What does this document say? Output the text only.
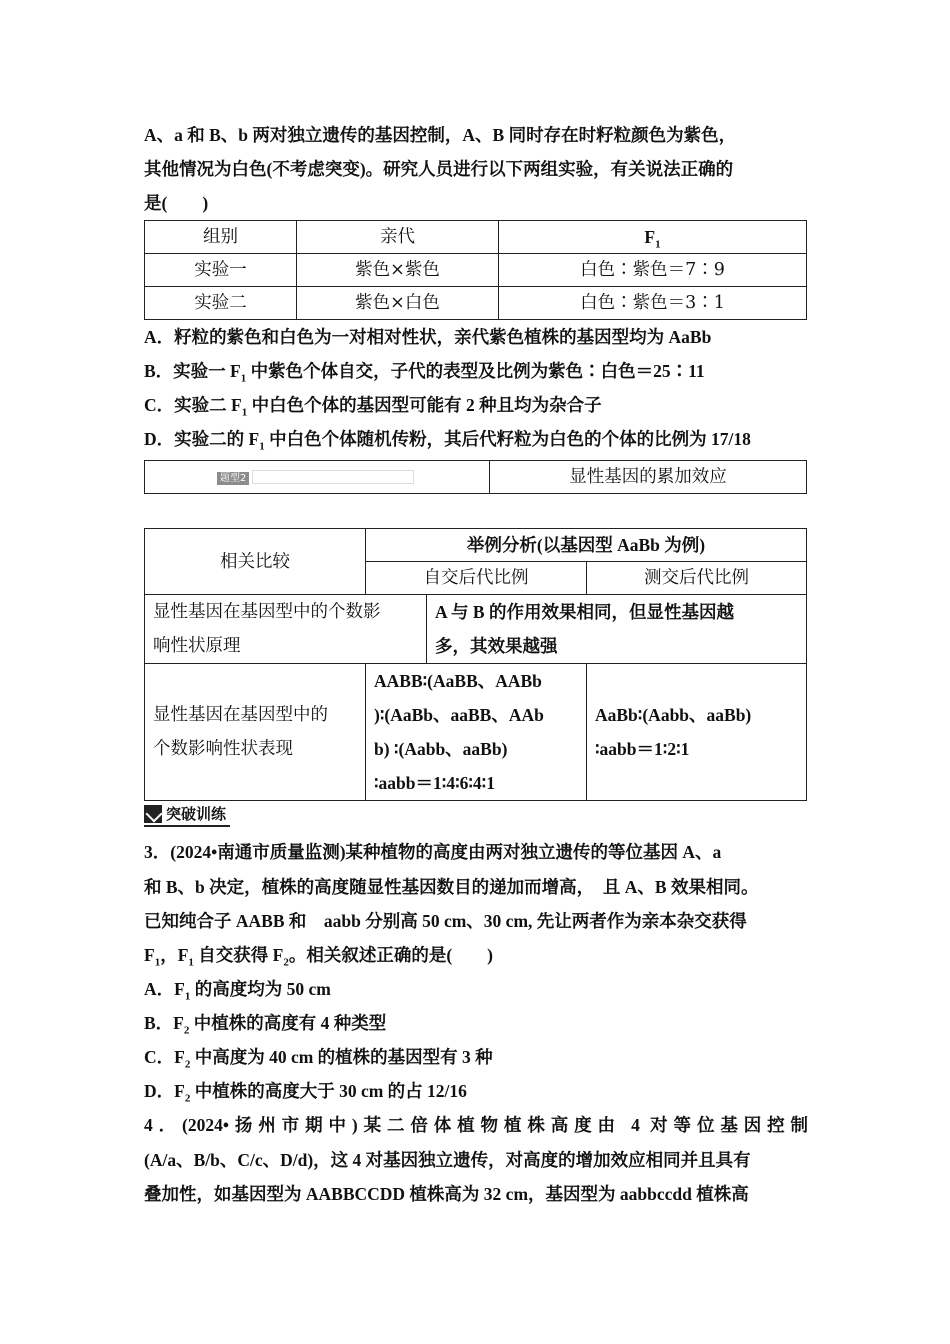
A、a 和 B、b 两对独立遗传的基因控制，A、B 同时存在时籽粒颜色为紫色，
其他情况为白色(不考虑突变)。研究人员进行以下两组实验，有关说法正确的
是(　　)

组别	亲代	$F_1$
实验一	紫色×紫色	白色∶紫色＝7∶9
实验二	紫色×白色	白色∶紫色＝3∶1

A．籽粒的紫色和白色为一对相对性状，亲代紫色植株的基因型均为 AaBb
B．实验一 $F_1$ 中紫色个体自交，子代的表型及比例为紫色∶白色＝25∶11
C．实验二 $F_1$ 中白色个体的基因型可能有 2 种且均为杂合子
D．实验二的 $F_1$ 中白色个体随机传粉，其后代籽粒为白色的个体的比例为 17/18

题型2	显性基因的累加效应
相关比较	举例分析(以基因型 AaBb 为例)		
	自交后代比例		测交后代比例
显性基因在基因型中的个数影
响性状原理		A 与 B 的作用效果相同，但显性基因越
多，其效果越强	
显性基因在基因型中的
个数影响性状表现	AABB∶(AaBB、AABb
)∶(AaBb、aaBB、AAb
b) ∶(Aabb、aaBb)
∶aabb＝1∶4∶6∶4∶1		AaBb∶(Aabb、aaBb)
∶aabb＝1∶2∶1
突破训练

3．(2024•南通市质量监测)某种植物的高度由两对独立遗传的等位基因 A、a
和 B、b 决定，植株的高度随显性基因数目的递加而增高，　且 A、B 效果相同。
已知纯合子 AABB 和　aabb 分别高 50 cm、30 cm, 先让两者作为亲本杂交获得
$F_1$，$F_1$ 自交获得 $F_2$。相关叙述正确的是(　　)
A．$F_1$ 的高度均为 50 cm
B．$F_2$ 中植株的高度有 4 种类型
C．$F_2$ 中高度为 40 cm 的植株的基因型有 3 种
D．$F_2$ 中植株的高度大于 30 cm 的占 12/16

4．(2024•扬州市期中)某二倍体植物植株高度由 4 对等位基因控制
(A/a、B/b、C/c、D/d)，这 4 对基因独立遗传，对高度的增加效应相同并且具有
叠加性，如基因型为 AABBCCDD 植株高为 32 cm，基因型为 aabbccdd 植株高
